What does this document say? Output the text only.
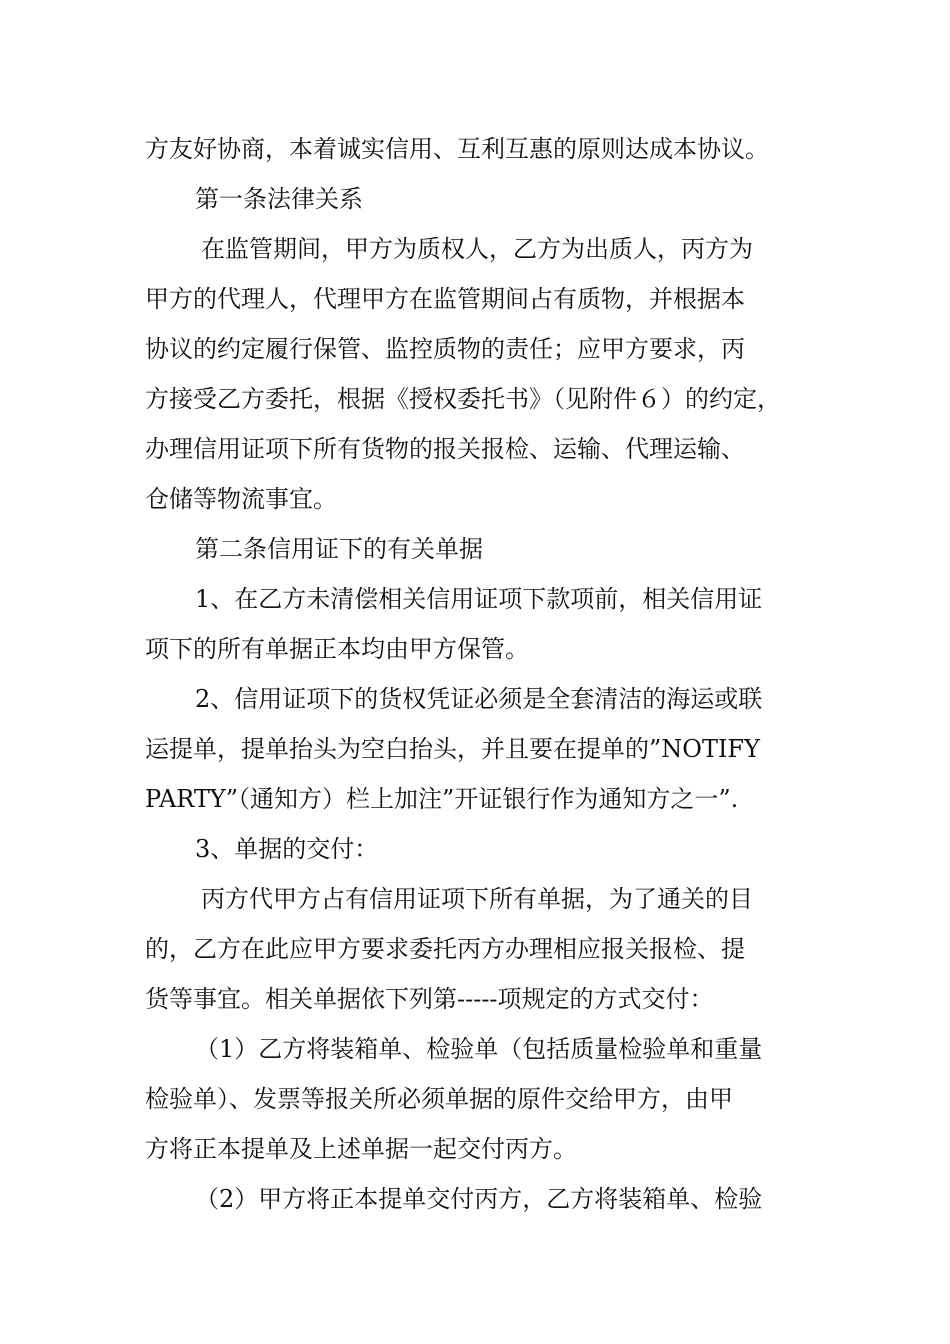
方友好协商，本着诚实信用、互利互惠的原则达成本协议。
第一条法律关系
在监管期间，甲方为质权人，乙方为出质人，丙方为
甲方的代理人，代理甲方在监管期间占有质物，并根据本
协议的约定履行保管、监控质物的责任；应甲方要求，丙
方接受乙方委托，根据《授权委托书》（见附件６）的约定，
办理信用证项下所有货物的报关报检、运输、代理运输、
仓储等物流事宜。
第二条信用证下的有关单据
1、在乙方未清偿相关信用证项下款项前，相关信用证
项下的所有单据正本均由甲方保管。
2、信用证项下的货权凭证必须是全套清洁的海运或联
运提单，提单抬头为空白抬头，并且要在提单的”NOTIFY
PARTY”（通知方）栏上加注”开证银行作为通知方之一”.
3、单据的交付：
丙方代甲方占有信用证项下所有单据，为了通关的目
的，乙方在此应甲方要求委托丙方办理相应报关报检、提
货等事宜。相关单据依下列第-----项规定的方式交付：
（1）乙方将装箱单、检验单（包括质量检验单和重量
检验单）、发票等报关所必须单据的原件交给甲方，由甲
方将正本提单及上述单据一起交付丙方。
（2）甲方将正本提单交付丙方，乙方将装箱单、检验
